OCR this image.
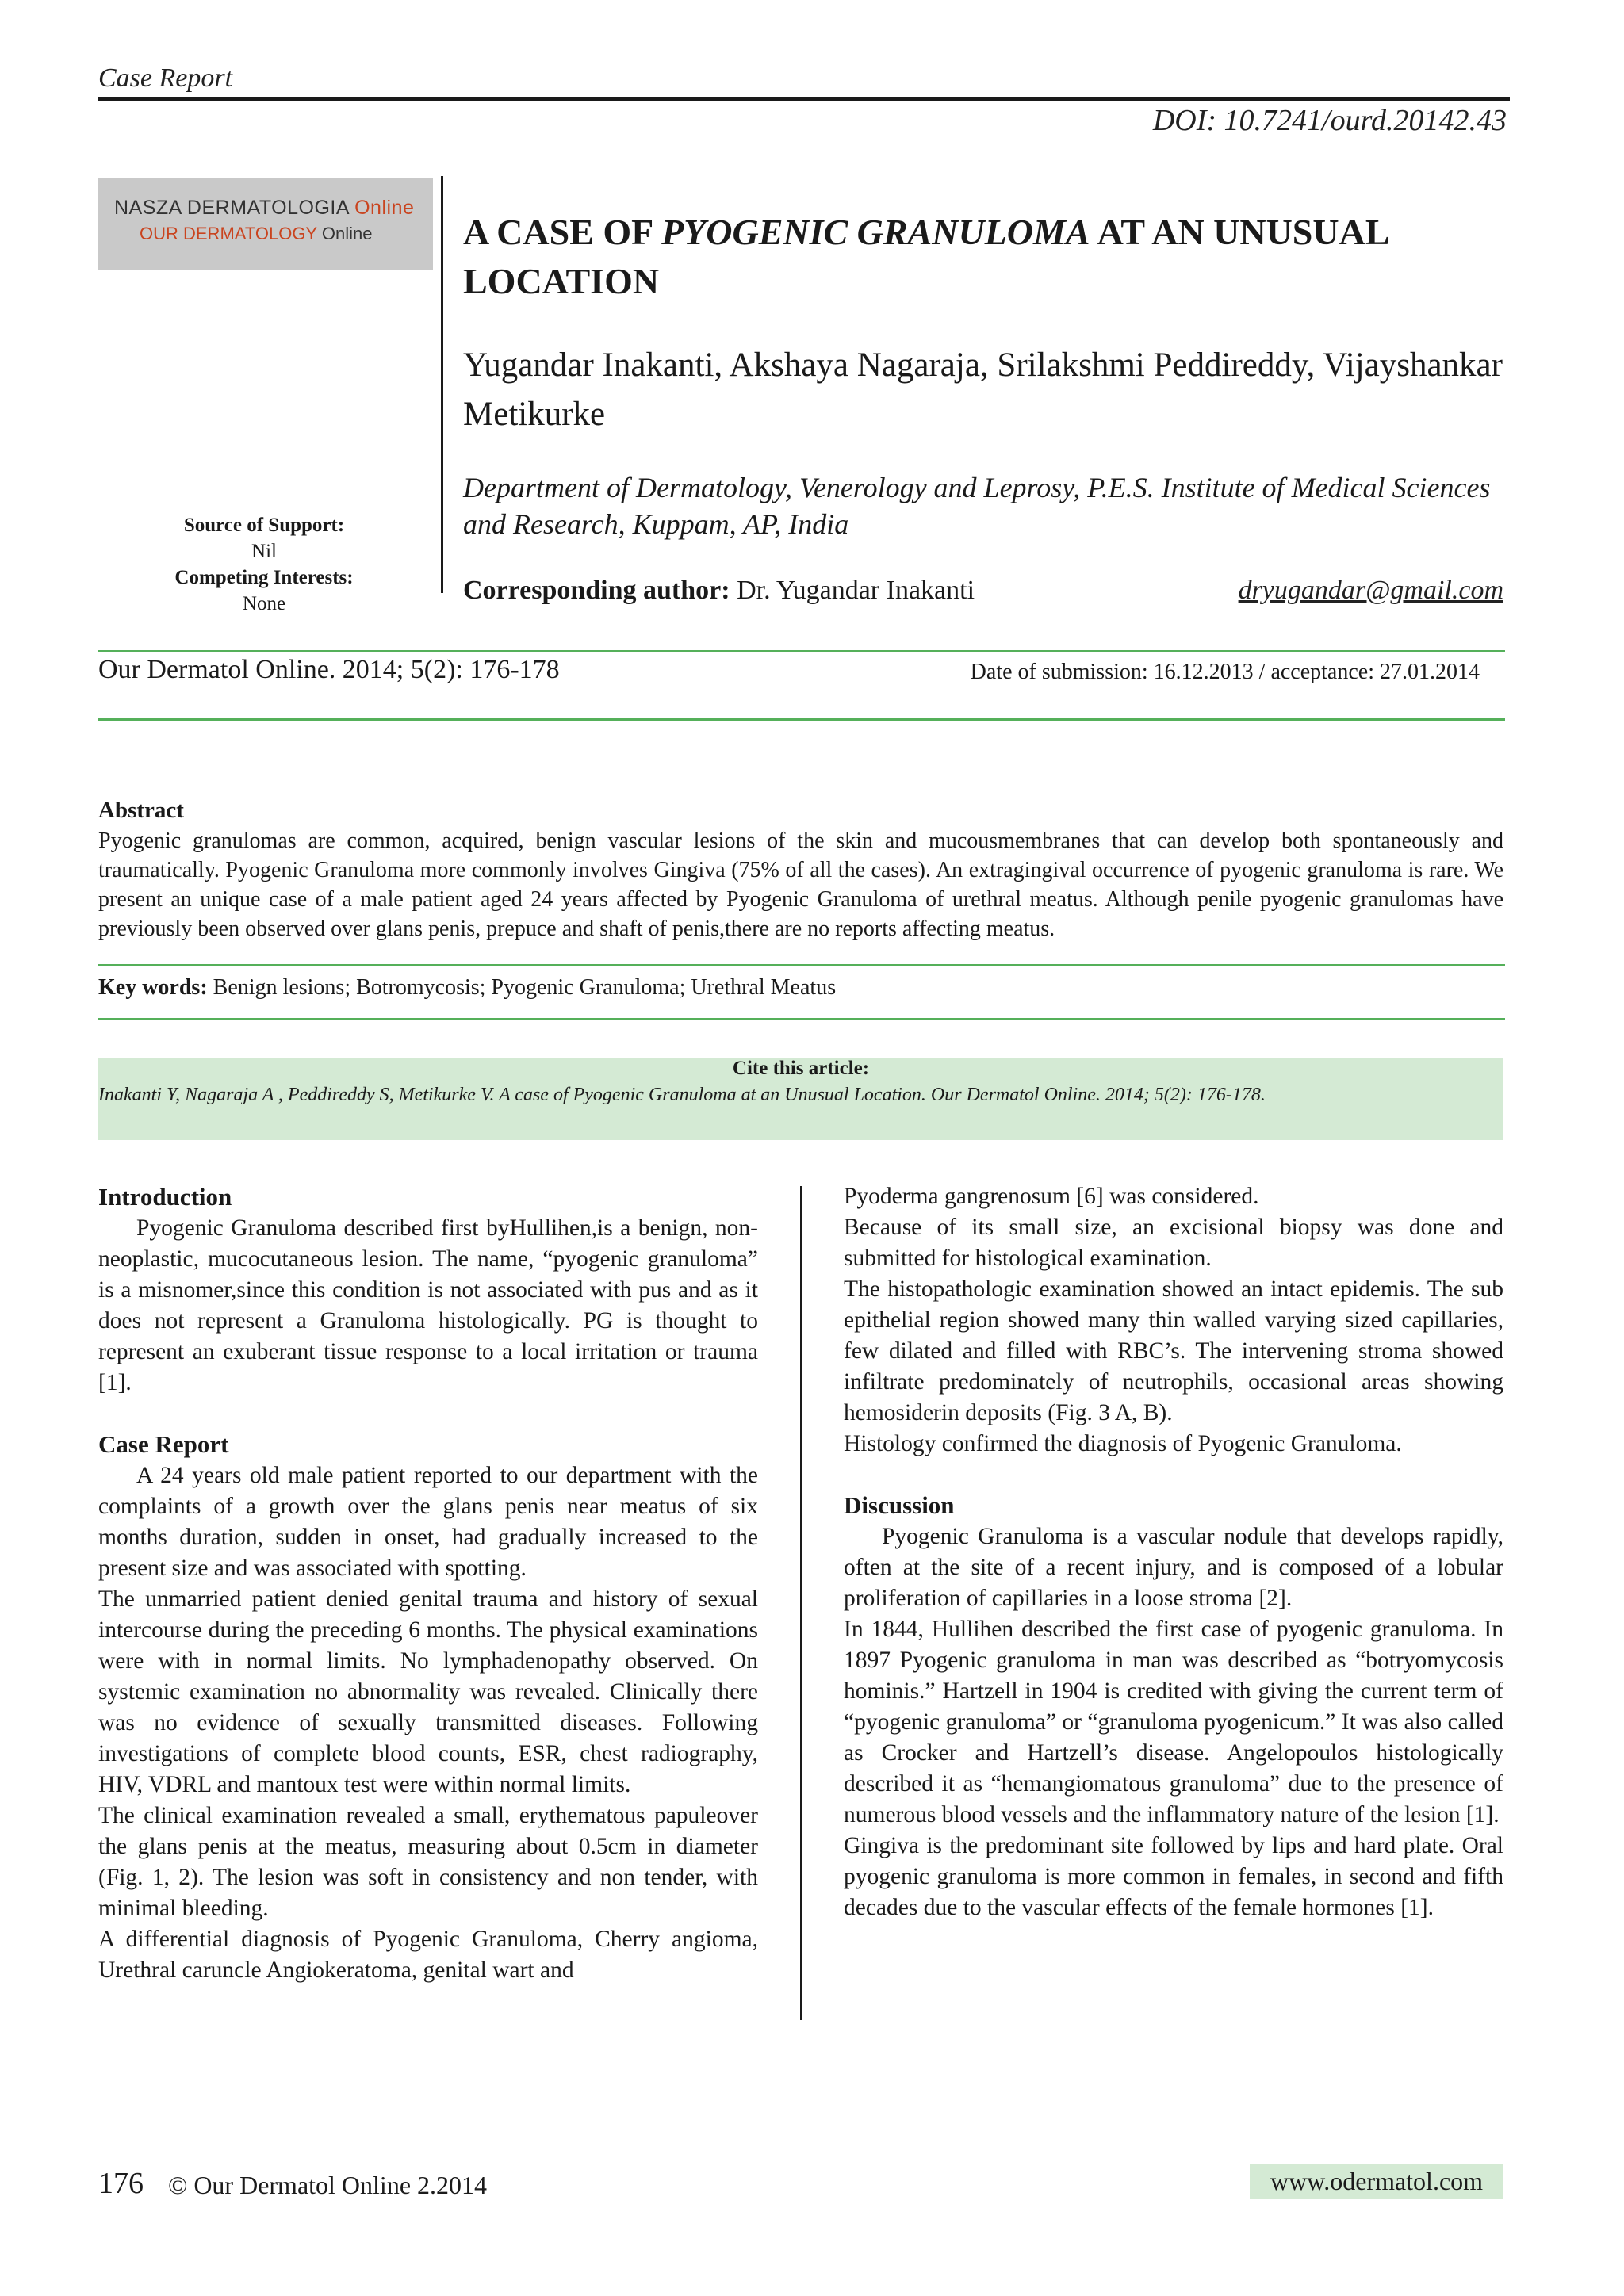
Case Report
DOI: 10.7241/ourd.20142.43
NASZA DERMATOLOGIA Online
OUR DERMATOLOGY Online
Source of Support:
Nil
Competing Interests:
None
A CASE OF PYOGENIC GRANULOMA AT AN UNUSUAL LOCATION
Yugandar Inakanti, Akshaya Nagaraja, Srilakshmi Peddireddy, Vijayshankar Metikurke
Department of Dermatology, Venerology and Leprosy, P.E.S. Institute of Medical Sciences and Research, Kuppam, AP, India
Corresponding author: Dr. Yugandar Inakanti	dryugandar@gmail.com
Our Dermatol Online. 2014; 5(2): 176-178	Date of submission: 16.12.2013 / acceptance: 27.01.2014
Abstract
Pyogenic granulomas are common, acquired, benign vascular lesions of the skin and mucousmembranes that can develop both spontaneously and traumatically. Pyogenic Granuloma more commonly involves Gingiva (75% of all the cases). An extragingival occurrence of pyogenic granuloma is rare. We present an unique case of a male patient aged 24 years affected by Pyogenic Granuloma of urethral meatus. Although penile pyogenic granulomas have previously been observed over glans penis, prepuce and shaft of penis,there are no reports affecting meatus.
Key words: Benign lesions; Botromycosis; Pyogenic Granuloma; Urethral Meatus
Cite this article:
Inakanti Y, Nagaraja A , Peddireddy S, Metikurke V. A case of Pyogenic Granuloma at an Unusual Location. Our Dermatol Online. 2014; 5(2): 176-178.
Introduction

Pyogenic Granuloma described first byHullihen,is a benign, non-neoplastic, mucocutaneous lesion. The name, “pyogenic granuloma” is a misnomer,since this condition is not associated with pus and as it does not represent a Granuloma histologically. PG is thought to represent an exuberant tissue response to a local irritation or trauma [1].

Case Report

A 24 years old male patient reported to our department with the complaints of a growth over the glans penis near meatus of six months duration, sudden in onset, had gradually increased to the present size and was associated with spotting.

The unmarried patient denied genital trauma and history of sexual intercourse during the preceding 6 months. The physical examinations were with in normal limits. No lymphadenopathy observed. On systemic examination no abnormality was revealed. Clinically there was no evidence of sexually transmitted diseases. Following investigations of complete blood counts, ESR, chest radiography, HIV, VDRL and mantoux test were within normal limits.

The clinical examination revealed a small, erythematous papuleover the glans penis at the meatus, measuring about 0.5cm in diameter (Fig. 1, 2). The lesion was soft in consistency and non tender, with minimal bleeding.

A differential diagnosis of Pyogenic Granuloma, Cherry angioma, Urethral caruncle Angiokeratoma, genital wart and

Pyoderma gangrenosum [6] was considered.

Because of its small size, an excisional biopsy was done and submitted for histological examination.

The histopathologic examination showed an intact epidemis. The sub epithelial region showed many thin walled varying sized capillaries, few dilated and filled with RBC’s. The intervening stroma showed infiltrate predominately of neutrophils, occasional areas showing hemosiderin deposits (Fig. 3 A, B).

Histology confirmed the diagnosis of Pyogenic Granuloma.

Discussion

Pyogenic Granuloma is a vascular nodule that develops rapidly, often at the site of a recent injury, and is composed of a lobular proliferation of capillaries in a loose stroma [2].

In 1844, Hullihen described the first case of pyogenic granuloma. In 1897 Pyogenic granuloma in man was described as “botryomycosis hominis.” Hartzell in 1904 is credited with giving the current term of “pyogenic granuloma” or “granuloma pyogenicum.” It was also called as Crocker and Hartzell’s disease. Angelopoulos histologically described it as “hemangiomatous granuloma” due to the presence of numerous blood vessels and the inflammatory nature of the lesion [1].

Gingiva is the predominant site followed by lips and hard plate. Oral pyogenic granuloma is more common in females, in second and fifth decades due to the vascular effects of the female hormones [1].

176 © Our Dermatol Online 2.2014	www.odermatol.com
